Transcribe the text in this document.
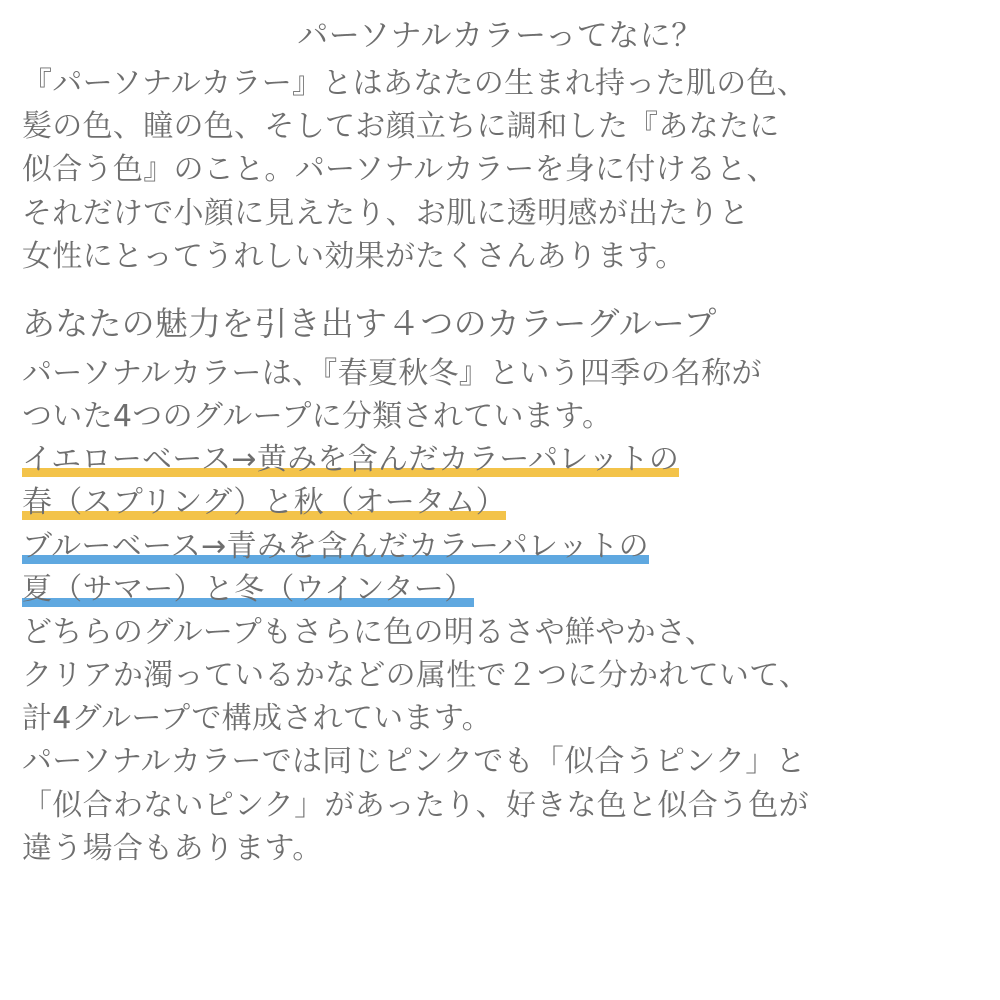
パーソナルカラーってなに？
『パーソナルカラー』とはあなたの生まれ持った肌の色、
髪の色、瞳の色、そしてお顔立ちに調和した『あなたに
似合う色』のこと。パーソナルカラーを身に付けると、
それだけで小顔に見えたり、お肌に透明感が出たりと
女性にとってうれしい効果がたくさんあります。
あなたの魅力を引き出す４つのカラーグループ
パーソナルカラーは、『春夏秋冬』という四季の名称が
ついた4つのグループに分類されています。
イエローベース→黄みを含んだカラーパレットの
春（スプリング）と秋（オータム）
ブルーベース→青みを含んだカラーパレットの
夏（サマー）と冬（ウインター）
どちらのグループもさらに色の明るさや鮮やかさ、
クリアか濁っているかなどの属性で２つに分かれていて、
計4グループで構成されています。
パーソナルカラーでは同じピンクでも「似合うピンク」と
「似合わないピンク」があったり、好きな色と似合う色が
違う場合もあります。
